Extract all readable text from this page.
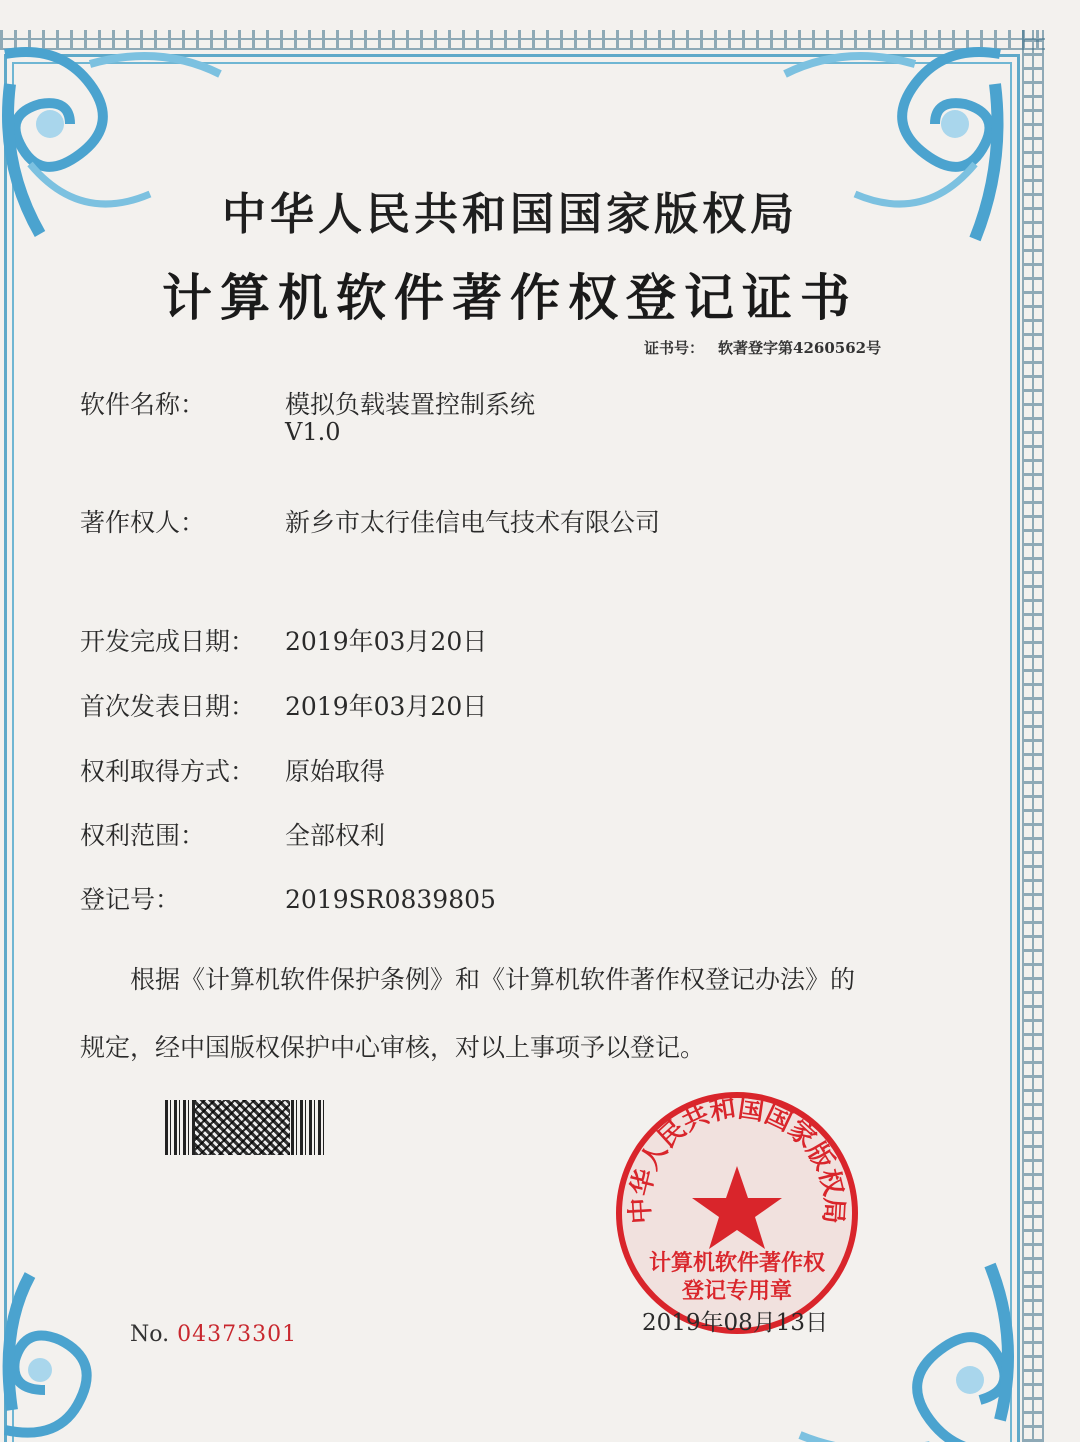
中华人民共和国国家版权局
计算机软件著作权登记证书
证书号： 软著登字第4260562号
软件名称：	模拟负载装置控制系统
V1.0
著作权人：	新乡市太行佳信电气技术有限公司
开发完成日期： 2019年03月20日
首次发表日期： 2019年03月20日
权利取得方式： 原始取得
权利范围：	全部权利
登记号：	2019SR0839805
根据《计算机软件保护条例》和《计算机软件著作权登记办法》的
规定，经中国版权保护中心审核，对以上事项予以登记。
中华人民共和国国家版权局
计算机软件著作权
登记专用章
2019年08月13日
No. 04373301
